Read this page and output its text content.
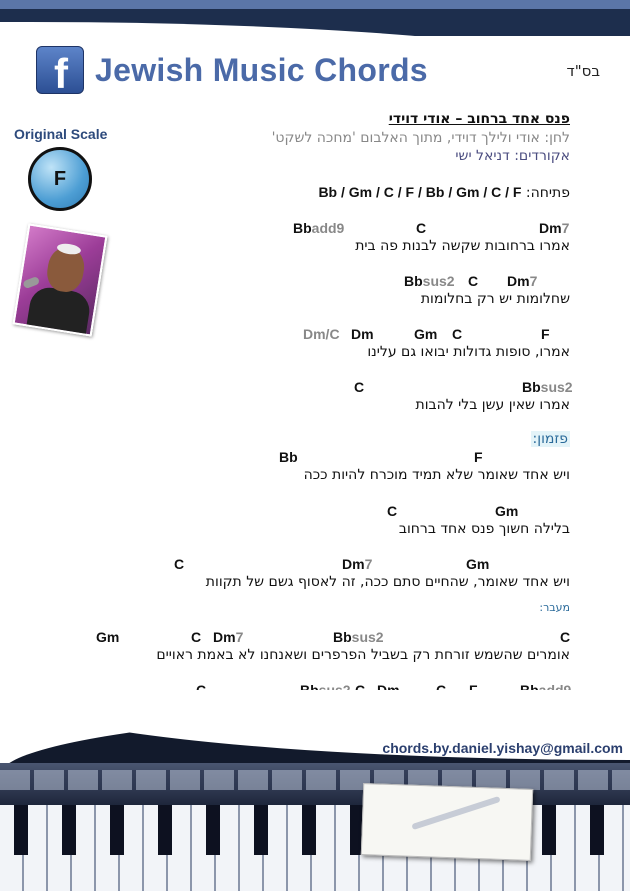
f Jewish Music Chords	בס"ד
Original Scale
F
פנס אחד ברחוב – אודי דוידי
לחן: אודי ולילך דוידי, מתוך האלבום 'מחכה לשקט'
אקורדים: דניאל ישי
פתיחה: Bb / Gm / C / F / Bb / Gm / C / F
Bbadd9	C	Dm7
אמרו ברחובות שקשה לבנות פה בית
Bbsus2 C Dm7
שחלומות יש רק בחלומות
Dm/C Dm	Gm C	F
אמרו, סופות גדולות יבואו גם עלינו
C	Bbsus2
אמרו שאין עשן בלי להבות
פזמון:
Bb	F
ויש אחד שאומר שלא תמיד מוכרח להיות ככה
C	Gm
בלילה חשוך פנס אחד ברחוב
C	Dm7	Gm
ויש אחד שאומר, שהחיים סתם ככה, זה לאסוף גשם של תקוות
מעבר:
Gm	C Dm7	Bbsus2	C
אומרים שהשמש זורחת רק בשביל הפרפרים ושאנחנו לא באמת ראויים
chords.by.daniel.yishay@gmail.com
